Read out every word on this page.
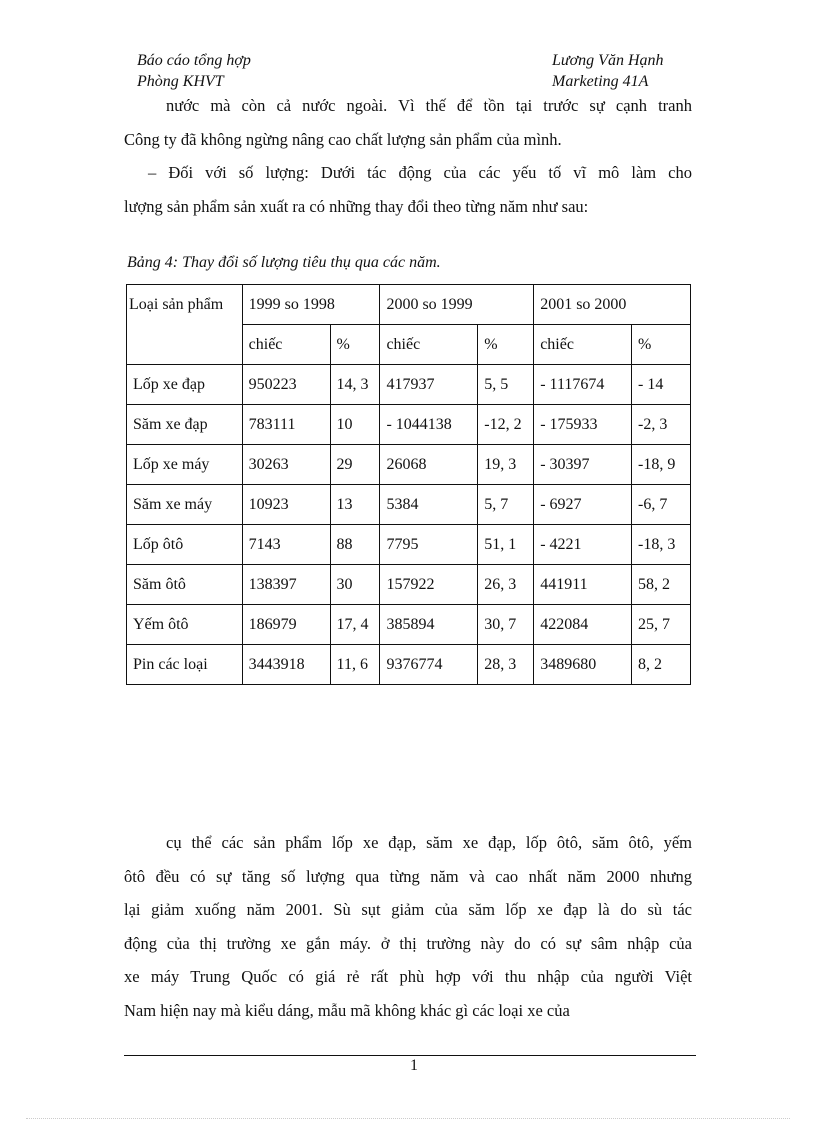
Báo cáo tổng hợp
Phòng KHVT
Lương Văn Hạnh
Marketing 41A
nước mà còn cả nước ngoài. Vì thế để tồn tại trước sự cạnh tranh
Công ty đã không ngừng nâng cao chất lượng sản phẩm của mình.
– Đối với số lượng: Dưới tác động của các yếu tố vĩ mô làm cho
lượng sản phẩm sản xuất ra có những thay đổi theo từng năm như sau:
Bảng 4: Thay đổi số lượng tiêu thụ qua các năm.
Loại sản phẩm	1999 so 1998		2000 so 1999		2001 so 2000	
	chiếc	%	chiếc	%	chiếc	%
Lốp xe đạp	950223	14, 3	417937	5, 5	- 1117674	- 14
Săm xe đạp	783111	10	- 1044138	-12, 2	- 175933	-2, 3
Lốp xe máy	30263	29	26068	19, 3	- 30397	-18, 9
Săm xe máy	10923	13	5384	5, 7	- 6927	-6, 7
Lốp ôtô	7143	88	7795	51, 1	- 4221	-18, 3
Săm ôtô	138397	30	157922	26, 3	441911	58, 2
Yếm ôtô	186979	17, 4	385894	30, 7	422084	25, 7
Pin các loại	3443918	11, 6	9376774	28, 3	3489680	8, 2
cụ thể các sản phẩm lốp xe đạp, săm xe đạp, lốp ôtô, săm ôtô, yếm
ôtô đều có sự tăng số lượng qua từng năm và cao nhất năm 2000 nhưng
lại giảm xuống năm 2001. Sù sụt giảm của săm lốp xe đạp là do sù tác
động của thị trường xe gắn máy. ở thị trường này do có sự sâm nhập của
xe máy Trung Quốc có giá rẻ rất phù hợp với thu nhập của người Việt
Nam hiện nay mà kiểu dáng, mẫu mã không khác gì các loại xe của
1
